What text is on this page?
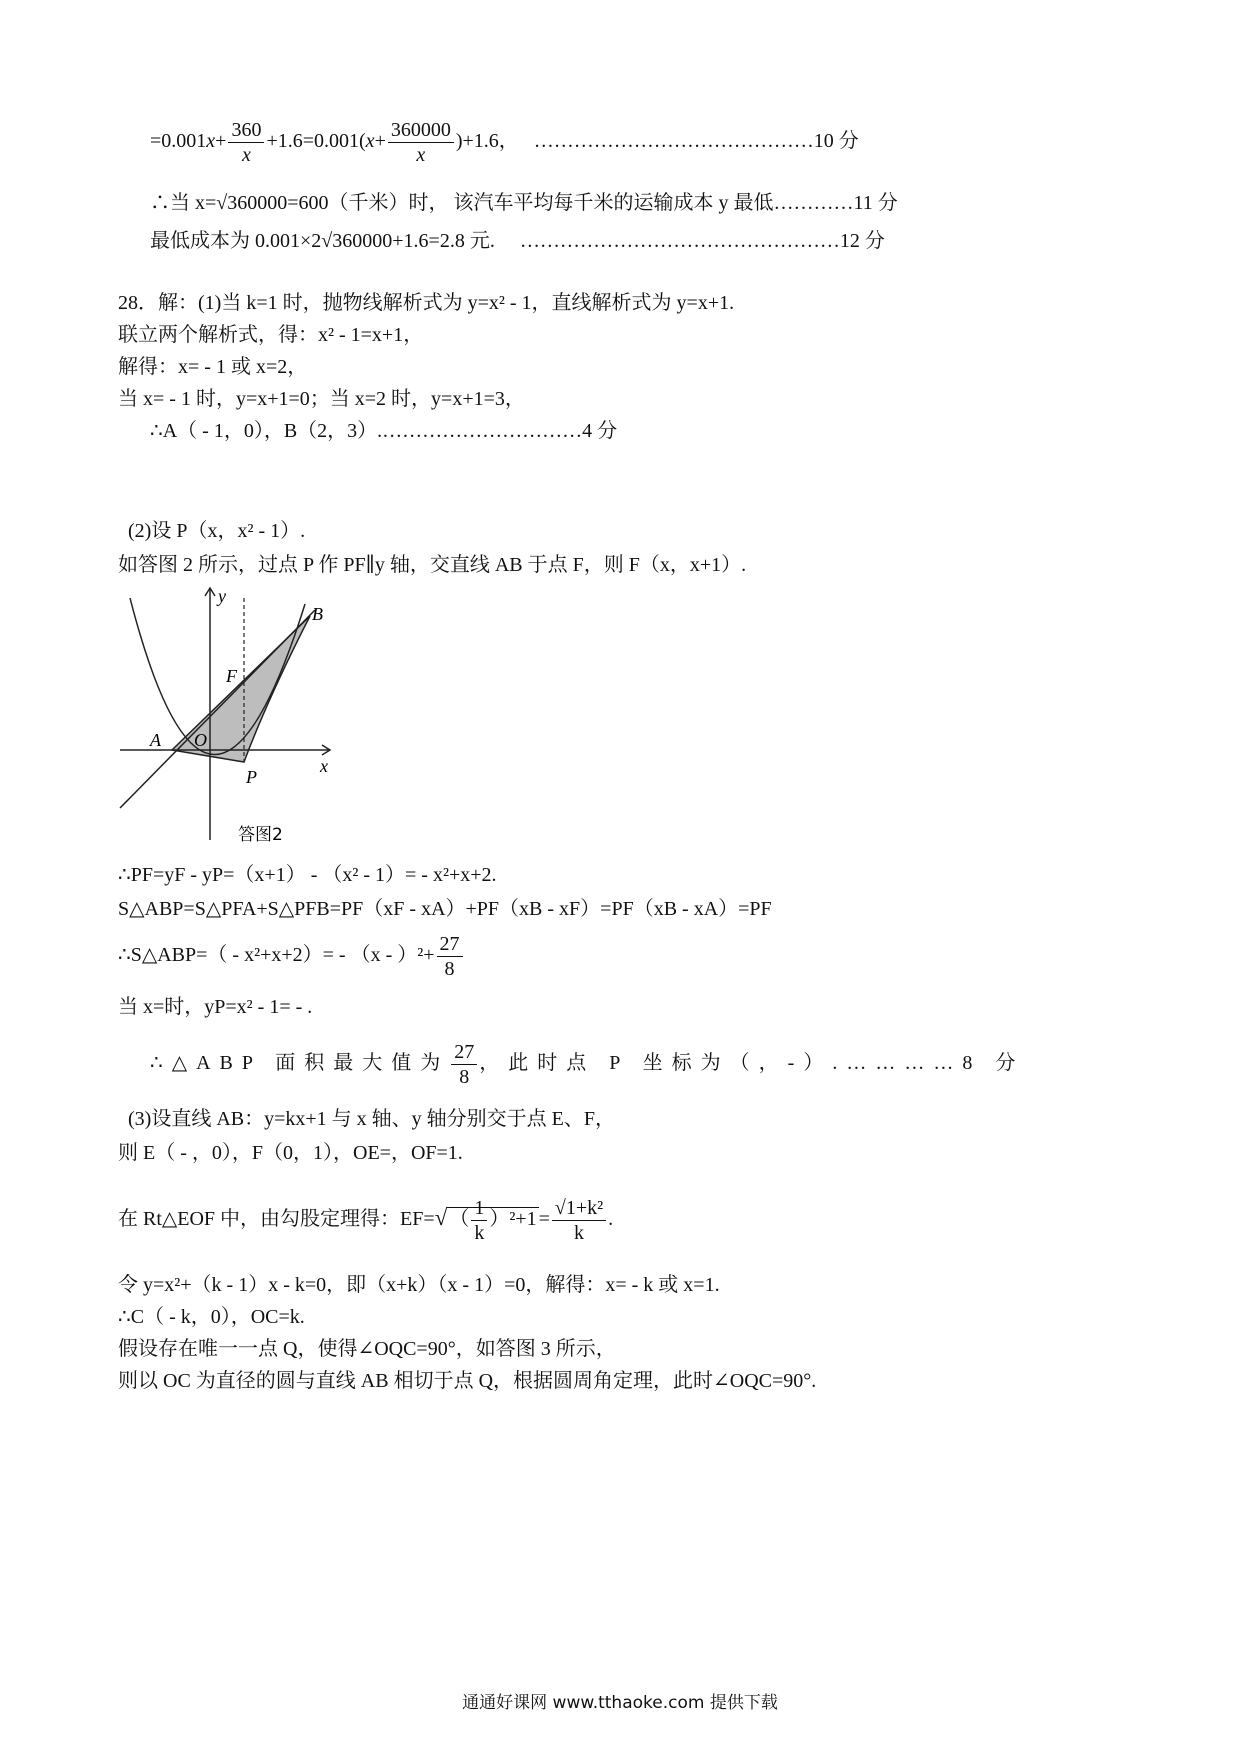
$=0.001x+ \frac{360}{x} +1.6=0.001(x+ \frac{360000}{x} )+1.6$， ……………………………………10 分
∴当 x=√360000=600（千米）时， 该汽车平均每千米的运输成本 y 最低…………11 分
最低成本为 0.001×2√360000+1.6=2.8 元. …………………………………………12 分
28．解：(1)当 k=1 时，抛物线解析式为 y=x² - 1，直线解析式为 y=x+1.
联立两个解析式，得：x² - 1=x+1，
解得：x= - 1 或 x=2，
当 x= - 1 时，y=x+1=0；当 x=2 时，y=x+1=3，
∴A（ - 1，0），B（2，3）.…………………………4 分
(2)设 P（x，x² - 1）.
如答图 2 所示，过点 P 作 PF∥y 轴，交直线 AB 于点 F，则 F（x，x+1）.
y
x
B
F
A O
P
答图2
∴PF=yF - yP=（x+1） - （x² - 1）= - x²+x+2.
S△ABP=S△PFA+S△PFB=PF（xF - xA）+PF（xB - xF）=PF（xB - xA）=PF
∴S△ABP=（ - $x^2+x+2)= - (x - )^2+ \frac{27}{8}$
当 x=时，yP=x² - 1= - .
∴△ABP 面积最大值为 $\frac{27}{8}$ ，此时点 P 坐标为（，-）.…………8 分
(3)设直线 AB：y=kx+1 与 x 轴、y 轴分别交于点 E、F，
则 E（ - ，0），F（0，1），OE=，OF=1.
在 Rt△EOF 中，由勾股定理得：EF=√ （ $\frac{1}{k} )^2+1 = \frac{\text{√1+k²}}{k}$ .
令 y=x²+（k - 1）x - k=0，即（x+k）（x - 1）=0，解得：x= - k 或 x=1.
∴C（ - k，0），OC=k.
假设存在唯一一点 Q，使得∠OQC=90°，如答图 3 所示，
则以 OC 为直径的圆与直线 AB 相切于点 Q，根据圆周角定理，此时∠OQC=90°.
通通好课网 www.tthaoke.com 提供下载
